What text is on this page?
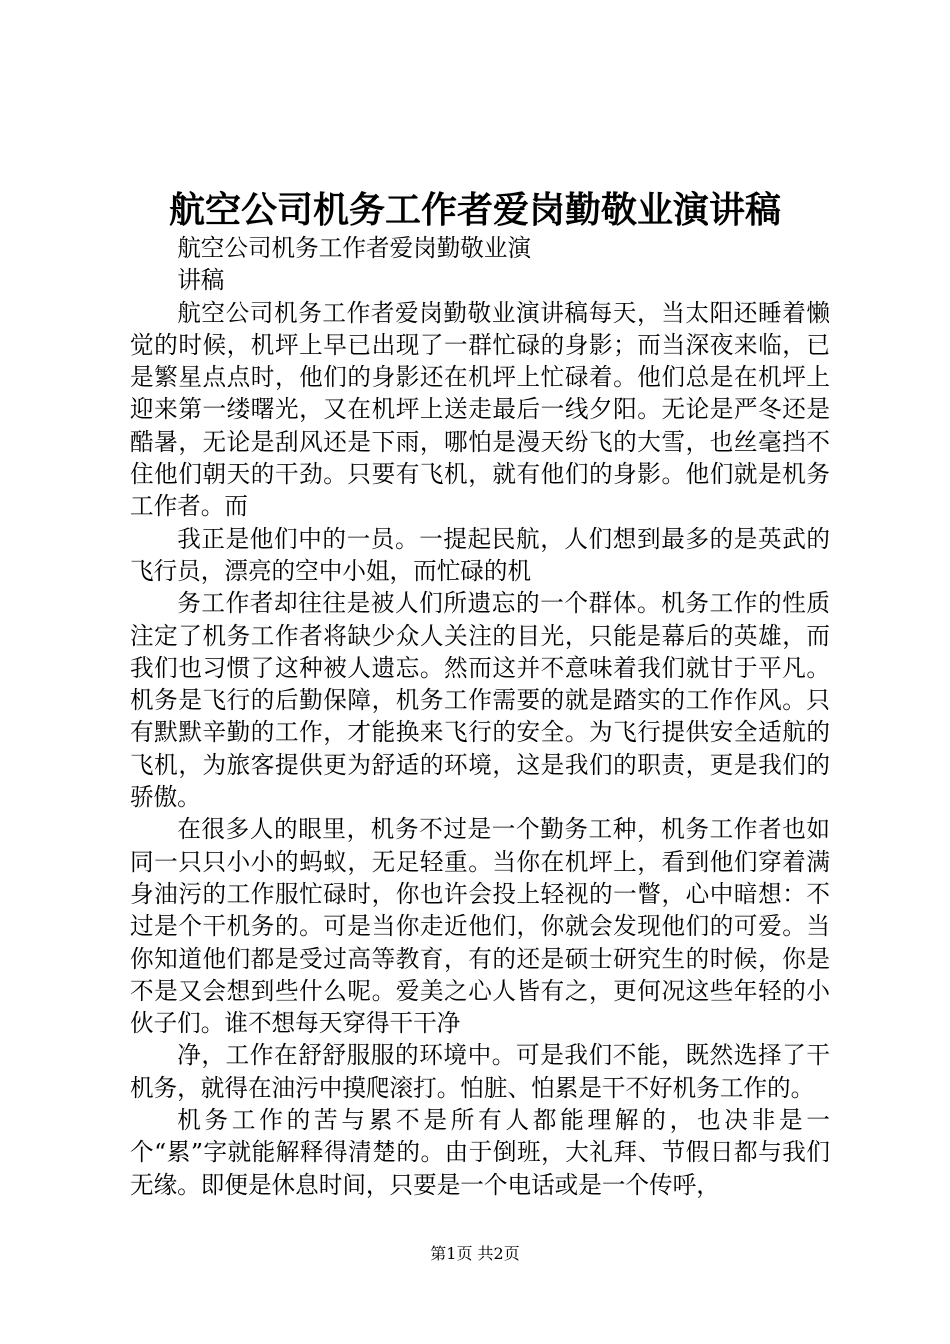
航空公司机务工作者爱岗勤敬业演讲稿

航空公司机务工作者爱岗勤敬业演

讲稿

航空公司机务工作者爱岗勤敬业演讲稿每天，当太阳还睡着懒觉的时候，机坪上早已出现了一群忙碌的身影；而当深夜来临，已是繁星点点时，他们的身影还在机坪上忙碌着。他们总是在机坪上迎来第一缕曙光，又在机坪上送走最后一线夕阳。无论是严冬还是酷暑，无论是刮风还是下雨，哪怕是漫天纷飞的大雪，也丝毫挡不住他们朝天的干劲。只要有飞机，就有他们的身影。他们就是机务工作者。而

我正是他们中的一员。一提起民航，人们想到最多的是英武的飞行员，漂亮的空中小姐，而忙碌的机

务工作者却往往是被人们所遗忘的一个群体。机务工作的性质注定了机务工作者将缺少众人关注的目光，只能是幕后的英雄，而我们也习惯了这种被人遗忘。然而这并不意味着我们就甘于平凡。机务是飞行的后勤保障，机务工作需要的就是踏实的工作作风。只有默默辛勤的工作，才能换来飞行的安全。为飞行提供安全适航的飞机，为旅客提供更为舒适的环境，这是我们的职责，更是我们的骄傲。

在很多人的眼里，机务不过是一个勤务工种，机务工作者也如同一只只小小的蚂蚁，无足轻重。当你在机坪上，看到他们穿着满身油污的工作服忙碌时，你也许会投上轻视的一瞥，心中暗想：不过是个干机务的。可是当你走近他们，你就会发现他们的可爱。当你知道他们都是受过高等教育，有的还是硕士研究生的时候，你是不是又会想到些什么呢。爱美之心人皆有之，更何况这些年轻的小伙子们。谁不想每天穿得干干净

净，工作在舒舒服服的环境中。可是我们不能，既然选择了干机务，就得在油污中摸爬滚打。怕脏、怕累是干不好机务工作的。

机务工作的苦与累不是所有人都能理解的，也决非是一个“累”字就能解释得清楚的。由于倒班，大礼拜、节假日都与我们无缘。即便是休息时间，只要是一个电话或是一个传呼，

第1页 共2页
